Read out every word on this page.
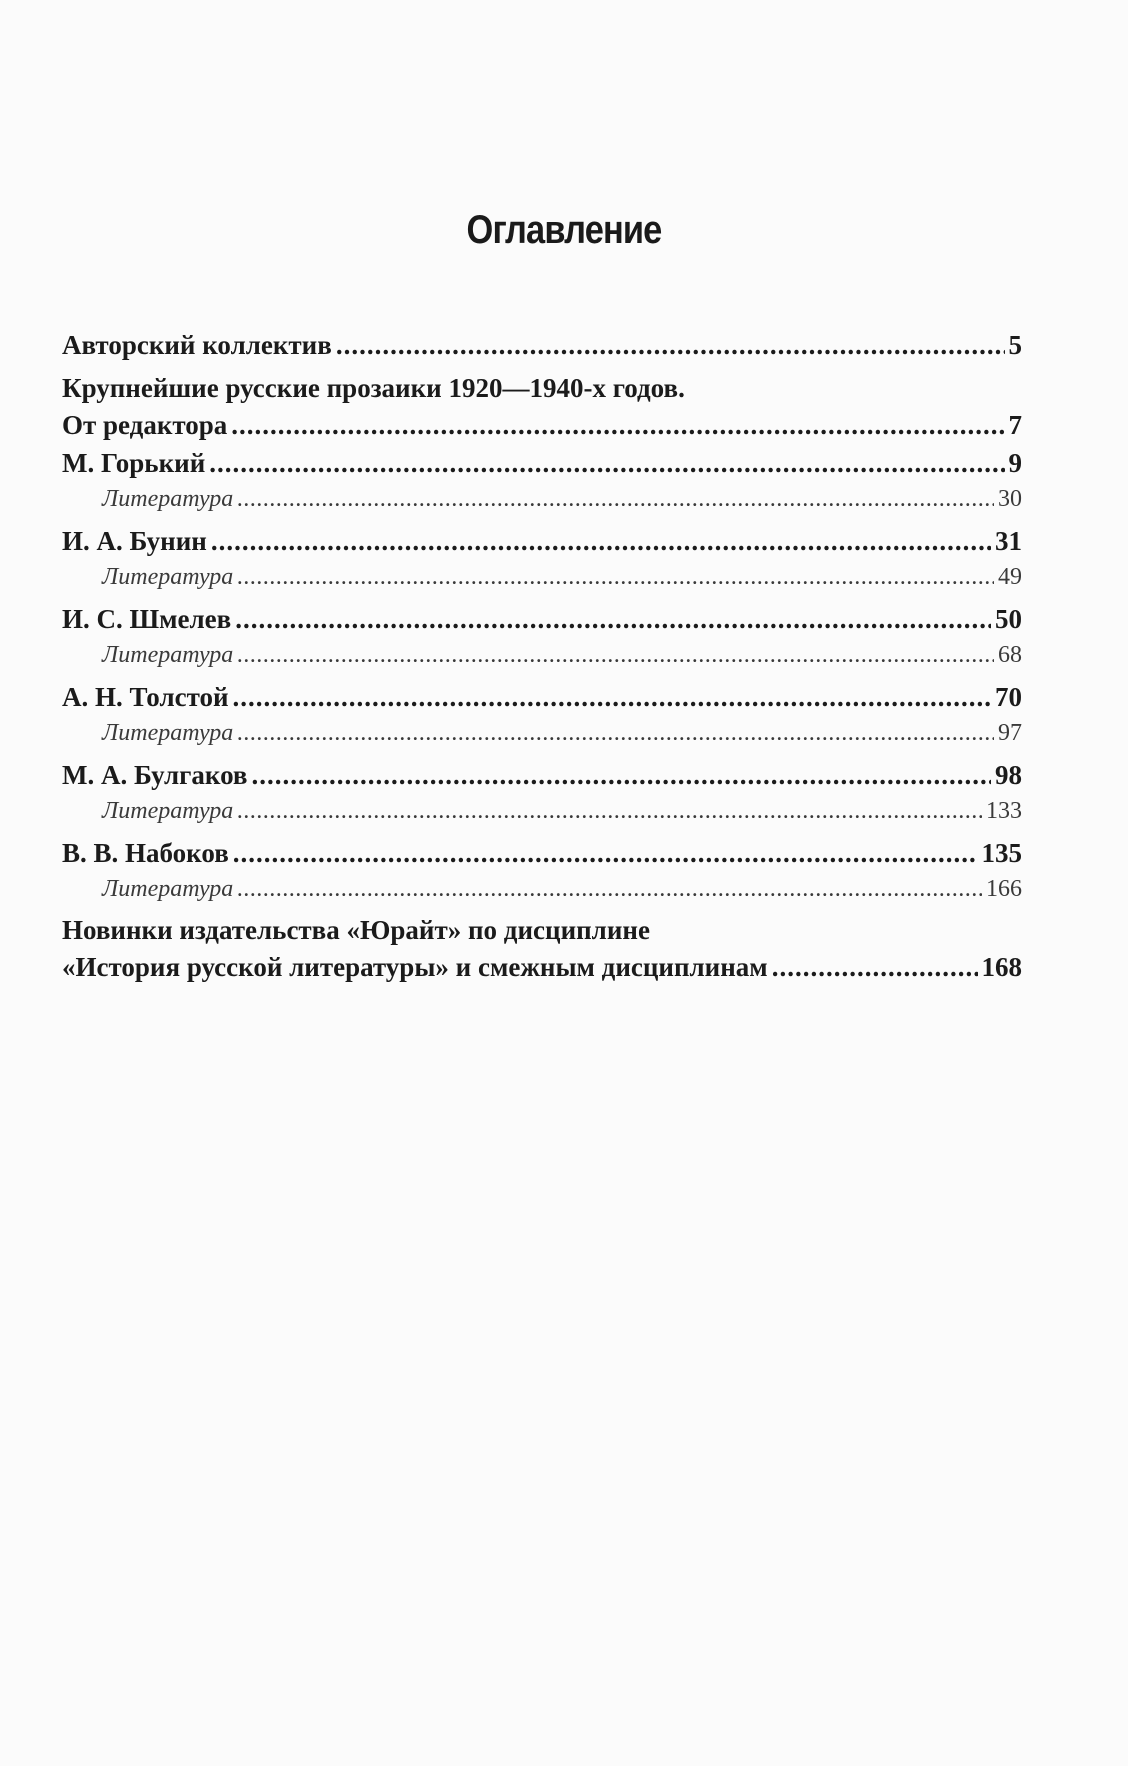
Оглавление
Авторский коллектив .....	5
Крупнейшие русские прозаики 1920—1940-х годов.
От редактора .....	7
М. Горький .....	9
Литература .....	30
И. А. Бунин .....	31
Литература .....	49
И. С. Шмелев .....	50
Литература .....	68
А. Н. Толстой .....	70
Литература .....	97
М. А. Булгаков .....	98
Литература .....	133
В. В. Набоков .....	135
Литература .....	166
Новинки издательства «Юрайт» по дисциплине
«История русской литературы» и смежным дисциплинам .....	168
